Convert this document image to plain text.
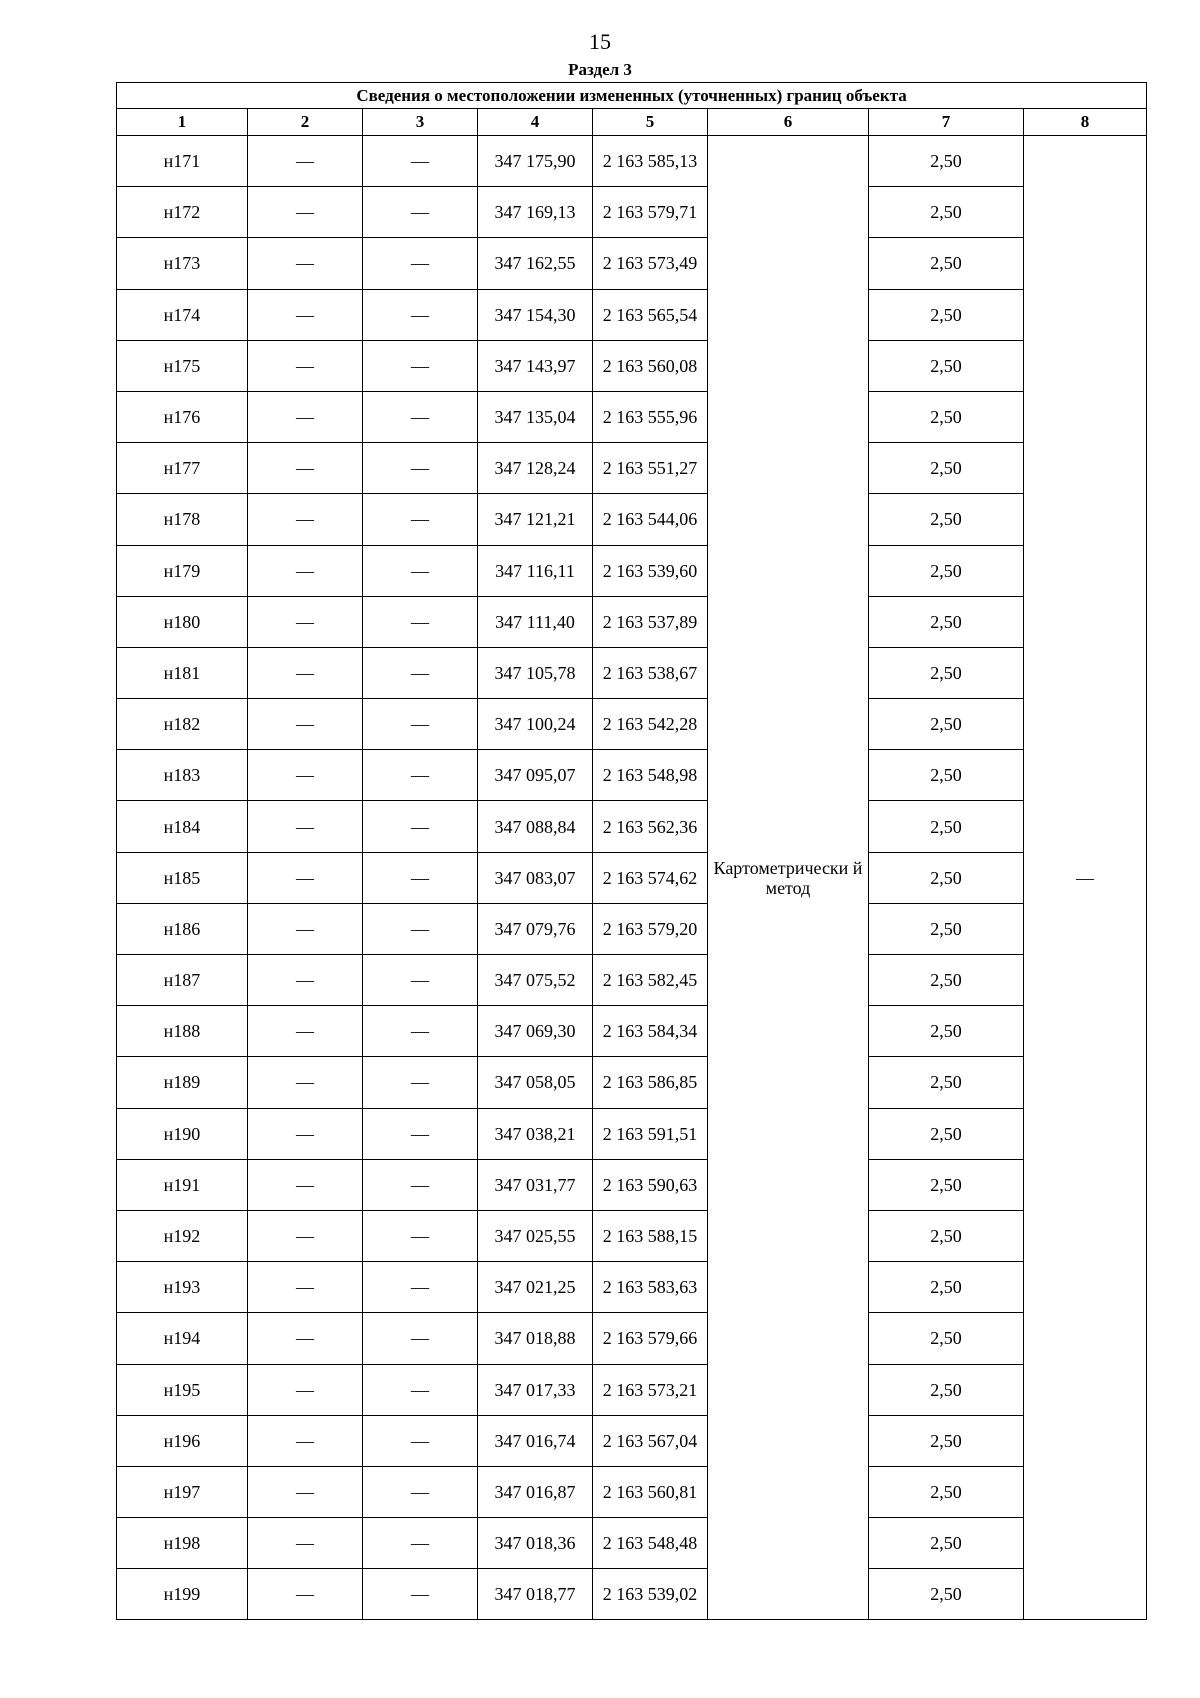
15
Раздел 3
Сведения о местоположении измененных (уточненных) границ объекта							
1	2	3	4	5	6	7	8
н171	—	—	347 175,90	2 163 585,13	Картометрически й метод	2,50	—
н172	—	—	347 169,13	2 163 579,71		2,50	
н173	—	—	347 162,55	2 163 573,49		2,50	
н174	—	—	347 154,30	2 163 565,54		2,50	
н175	—	—	347 143,97	2 163 560,08		2,50	
н176	—	—	347 135,04	2 163 555,96		2,50	
н177	—	—	347 128,24	2 163 551,27		2,50	
н178	—	—	347 121,21	2 163 544,06		2,50	
н179	—	—	347 116,11	2 163 539,60		2,50	
н180	—	—	347 111,40	2 163 537,89		2,50	
н181	—	—	347 105,78	2 163 538,67		2,50	
н182	—	—	347 100,24	2 163 542,28		2,50	
н183	—	—	347 095,07	2 163 548,98		2,50	
н184	—	—	347 088,84	2 163 562,36		2,50	
н185	—	—	347 083,07	2 163 574,62		2,50	
н186	—	—	347 079,76	2 163 579,20		2,50	
н187	—	—	347 075,52	2 163 582,45		2,50	
н188	—	—	347 069,30	2 163 584,34		2,50	
н189	—	—	347 058,05	2 163 586,85		2,50	
н190	—	—	347 038,21	2 163 591,51		2,50	
н191	—	—	347 031,77	2 163 590,63		2,50	
н192	—	—	347 025,55	2 163 588,15		2,50	
н193	—	—	347 021,25	2 163 583,63		2,50	
н194	—	—	347 018,88	2 163 579,66		2,50	
н195	—	—	347 017,33	2 163 573,21		2,50	
н196	—	—	347 016,74	2 163 567,04		2,50	
н197	—	—	347 016,87	2 163 560,81		2,50	
н198	—	—	347 018,36	2 163 548,48		2,50	
н199	—	—	347 018,77	2 163 539,02		2,50	
